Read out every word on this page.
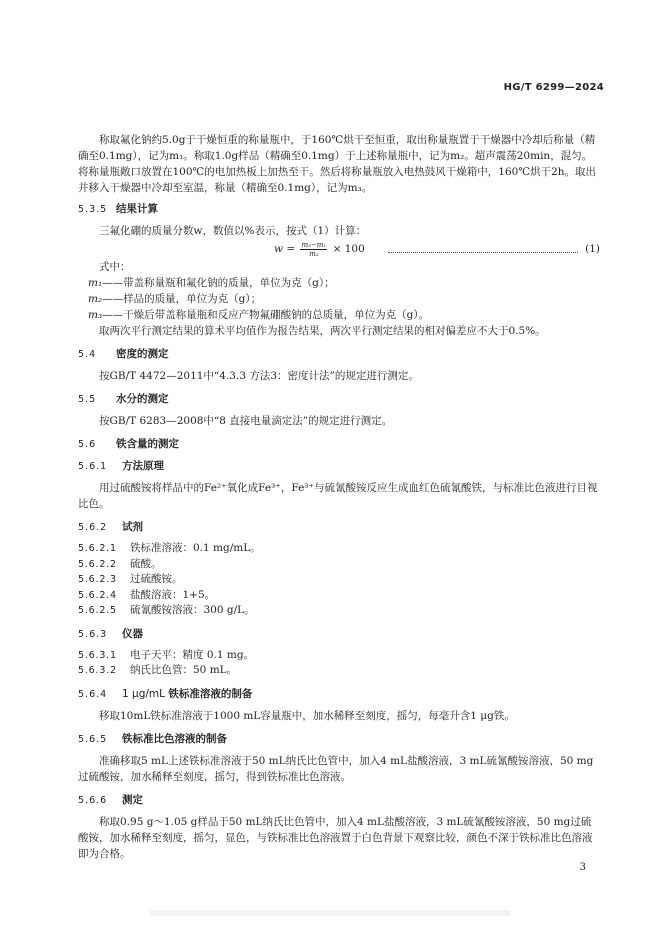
HG/T 6299—2024

称取氟化钠约5.0g于干燥恒重的称量瓶中，于160℃烘干至恒重，取出称量瓶置于干燥器中冷却后称量（精确至0.1mg），记为m₁。称取1.0g样品（精确至0.1mg）于上述称量瓶中，记为m₂。超声震荡20min，混匀。将称量瓶敞口放置在100℃的电加热板上加热至干。然后将称量瓶放入电热鼓风干燥箱中，160℃烘干2h。取出并移入干燥器中冷却至室温，称量（精确至0.1mg），记为m₃。

5.3.5 结果计算

三氟化硼的质量分数w，数值以%表示，按式（1）计算：

$w = \frac{\text{m₃−m₁}}{\text{m₂}} \times 100$	(1)

式中：

m₁——带盖称量瓶和氟化钠的质量，单位为克（g）；

m₂——样品的质量，单位为克（g）；

m₃——干燥后带盖称量瓶和反应产物氟硼酸钠的总质量，单位为克（g）。

取两次平行测定结果的算术平均值作为报告结果，两次平行测定结果的相对偏差应不大于0.5%。

5.4 密度的测定

按GB/T 4472—2011中“4.3.3 方法3：密度计法”的规定进行测定。

5.5 水分的测定

按GB/T 6283—2008中“8 直接电量滴定法”的规定进行测定。

5.6 铁含量的测定
5.6.1 方法原理

用过硫酸铵将样品中的Fe²⁺氧化成Fe³⁺，Fe³⁺与硫氰酸铵反应生成血红色硫氰酸铁，与标准比色液进行目视比色。

5.6.2 试剂

5.6.2.1 铁标准溶液：0.1 mg/mL。

5.6.2.2 硫酸。

5.6.2.3 过硫酸铵。

5.6.2.4 盐酸溶液：1+5。

5.6.2.5 硫氰酸铵溶液：300 g/L。

5.6.3 仪器

5.6.3.1 电子天平：精度 0.1 mg。

5.6.3.2 纳氏比色管：50 mL。

5.6.4 1 μg/mL 铁标准溶液的制备

移取10mL铁标准溶液于1000 mL容量瓶中，加水稀释至刻度，摇匀，每毫升含1 μg铁。

5.6.5 铁标准比色溶液的制备

准确移取5 mL上述铁标准溶液于50 mL纳氏比色管中，加入4 mL盐酸溶液，3 mL硫氰酸铵溶液，50 mg过硫酸铵，加水稀释至刻度，摇匀，得到铁标准比色溶液。

5.6.6 测定

称取0.95 g～1.05 g样品于50 mL纳氏比色管中，加入4 mL盐酸溶液，3 mL硫氰酸铵溶液，50 mg过硫酸铵，加水稀释至刻度，摇匀，显色，与铁标准比色溶液置于白色背景下观察比较，颜色不深于铁标准比色溶液即为合格。

3
